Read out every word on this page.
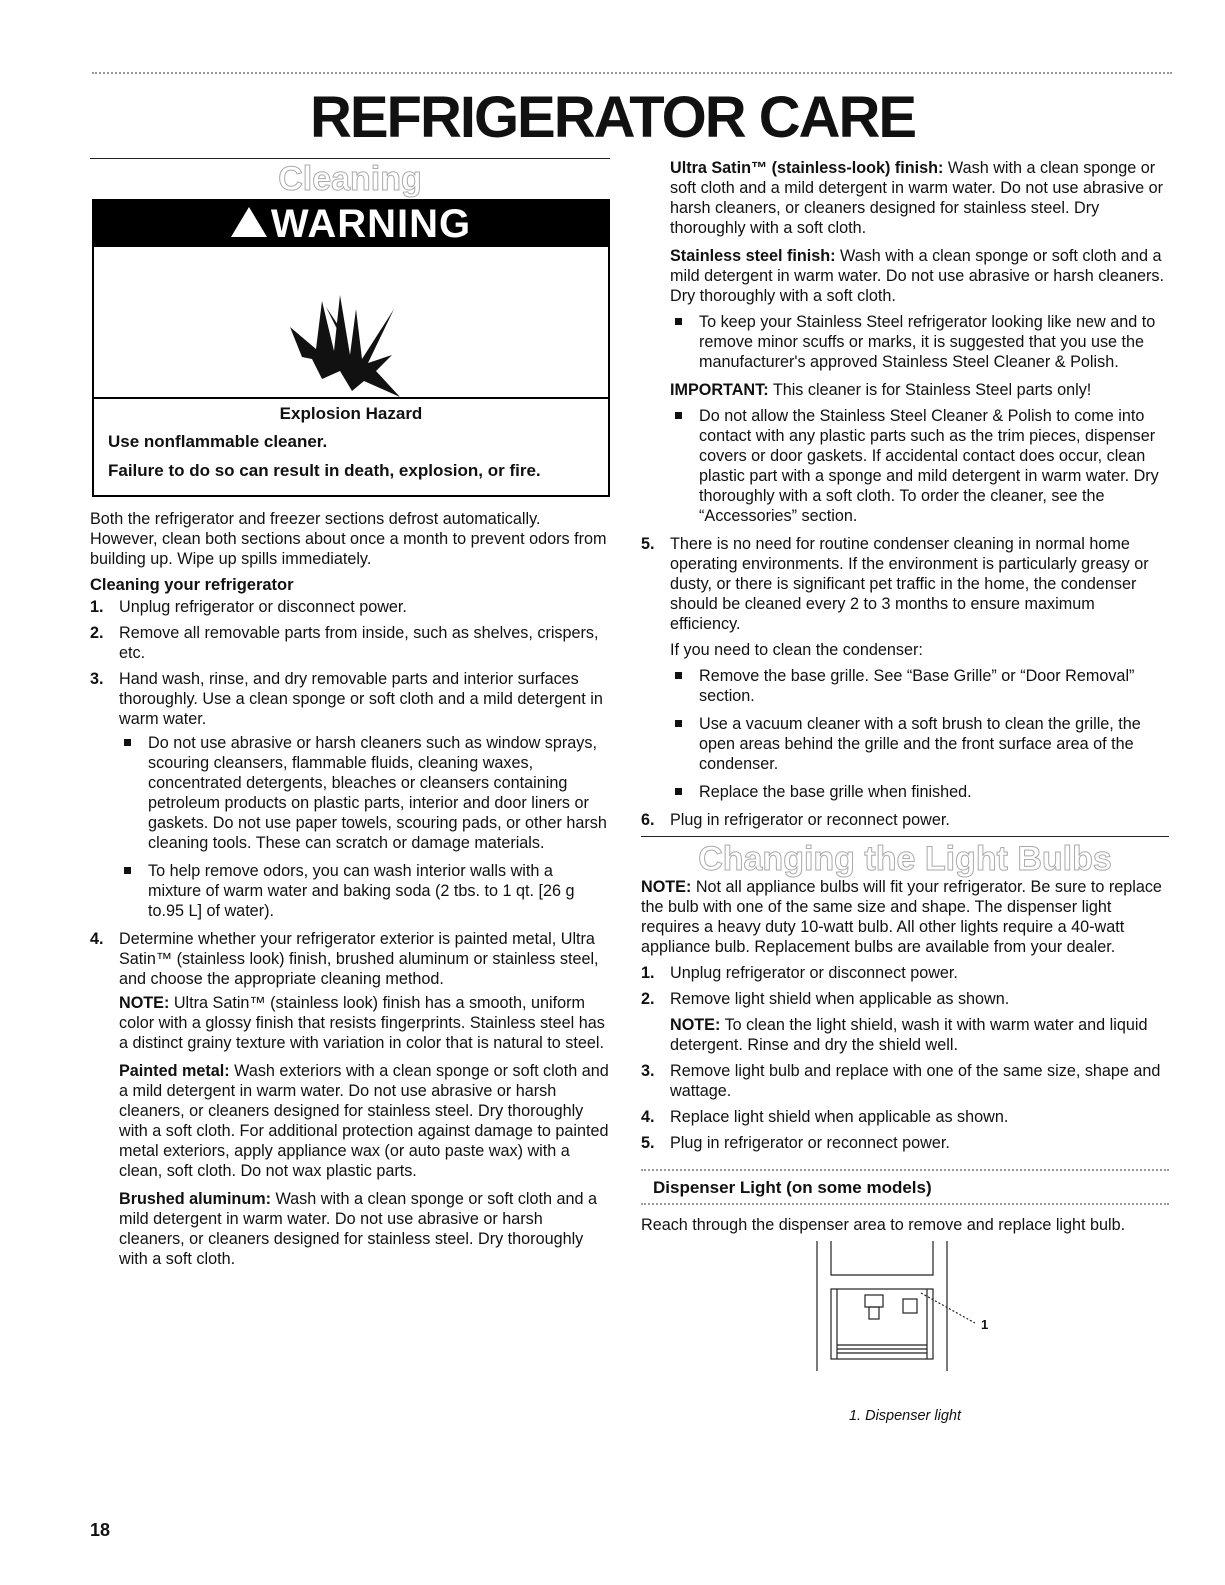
REFRIGERATOR CARE
Cleaning
WARNING
Explosion Hazard

Use nonflammable cleaner.

Failure to do so can result in death, explosion, or fire.

Both the refrigerator and freezer sections defrost automatically. However, clean both sections about once a month to prevent odors from building up. Wipe up spills immediately.

Cleaning your refrigerator
1. Unplug refrigerator or disconnect power.
2. Remove all removable parts from inside, such as shelves, crispers, etc.
3. Hand wash, rinse, and dry removable parts and interior surfaces thoroughly. Use a clean sponge or soft cloth and a mild detergent in warm water.
Do not use abrasive or harsh cleaners such as window sprays, scouring cleansers, flammable fluids, cleaning waxes, concentrated detergents, bleaches or cleansers containing petroleum products on plastic parts, interior and door liners or gaskets. Do not use paper towels, scouring pads, or other harsh cleaning tools. These can scratch or damage materials.
To help remove odors, you can wash interior walls with a mixture of warm water and baking soda (2 tbs. to 1 qt. [26 g to.95 L] of water).
4. Determine whether your refrigerator exterior is painted metal, Ultra Satin™ (stainless look) finish, brushed aluminum or stainless steel, and choose the appropriate cleaning method.

NOTE: Ultra Satin™ (stainless look) finish has a smooth, uniform color with a glossy finish that resists fingerprints. Stainless steel has a distinct grainy texture with variation in color that is natural to steel.

Painted metal: Wash exteriors with a clean sponge or soft cloth and a mild detergent in warm water. Do not use abrasive or harsh cleaners, or cleaners designed for stainless steel. Dry thoroughly with a soft cloth. For additional protection against damage to painted metal exteriors, apply appliance wax (or auto paste wax) with a clean, soft cloth. Do not wax plastic parts.

Brushed aluminum: Wash with a clean sponge or soft cloth and a mild detergent in warm water. Do not use abrasive or harsh cleaners, or cleaners designed for stainless steel. Dry thoroughly with a soft cloth.

Ultra Satin™ (stainless-look) finish: Wash with a clean sponge or soft cloth and a mild detergent in warm water. Do not use abrasive or harsh cleaners, or cleaners designed for stainless steel. Dry thoroughly with a soft cloth.

Stainless steel finish: Wash with a clean sponge or soft cloth and a mild detergent in warm water. Do not use abrasive or harsh cleaners. Dry thoroughly with a soft cloth.

To keep your Stainless Steel refrigerator looking like new and to remove minor scuffs or marks, it is suggested that you use the manufacturer's approved Stainless Steel Cleaner & Polish.

IMPORTANT: This cleaner is for Stainless Steel parts only!

Do not allow the Stainless Steel Cleaner & Polish to come into contact with any plastic parts such as the trim pieces, dispenser covers or door gaskets. If accidental contact does occur, clean plastic part with a sponge and mild detergent in warm water. Dry thoroughly with a soft cloth. To order the cleaner, see the “Accessories” section.
5. There is no need for routine condenser cleaning in normal home operating environments. If the environment is particularly greasy or dusty, or there is significant pet traffic in the home, the condenser should be cleaned every 2 to 3 months to ensure maximum efficiency.

If you need to clean the condenser:

Remove the base grille. See “Base Grille” or “Door Removal” section.
Use a vacuum cleaner with a soft brush to clean the grille, the open areas behind the grille and the front surface area of the condenser.
Replace the base grille when finished.
6. Plug in refrigerator or reconnect power.
Changing the Light Bulbs

NOTE: Not all appliance bulbs will fit your refrigerator. Be sure to replace the bulb with one of the same size and shape. The dispenser light requires a heavy duty 10-watt bulb. All other lights require a 40-watt appliance bulb. Replacement bulbs are available from your dealer.

1. Unplug refrigerator or disconnect power.
2. Remove light shield when applicable as shown.

NOTE: To clean the light shield, wash it with warm water and liquid detergent. Rinse and dry the shield well.

3. Remove light bulb and replace with one of the same size, shape and wattage.
4. Replace light shield when applicable as shown.
5. Plug in refrigerator or reconnect power.
Dispenser Light (on some models)

Reach through the dispenser area to remove and replace light bulb.

1
1. Dispenser light
18
